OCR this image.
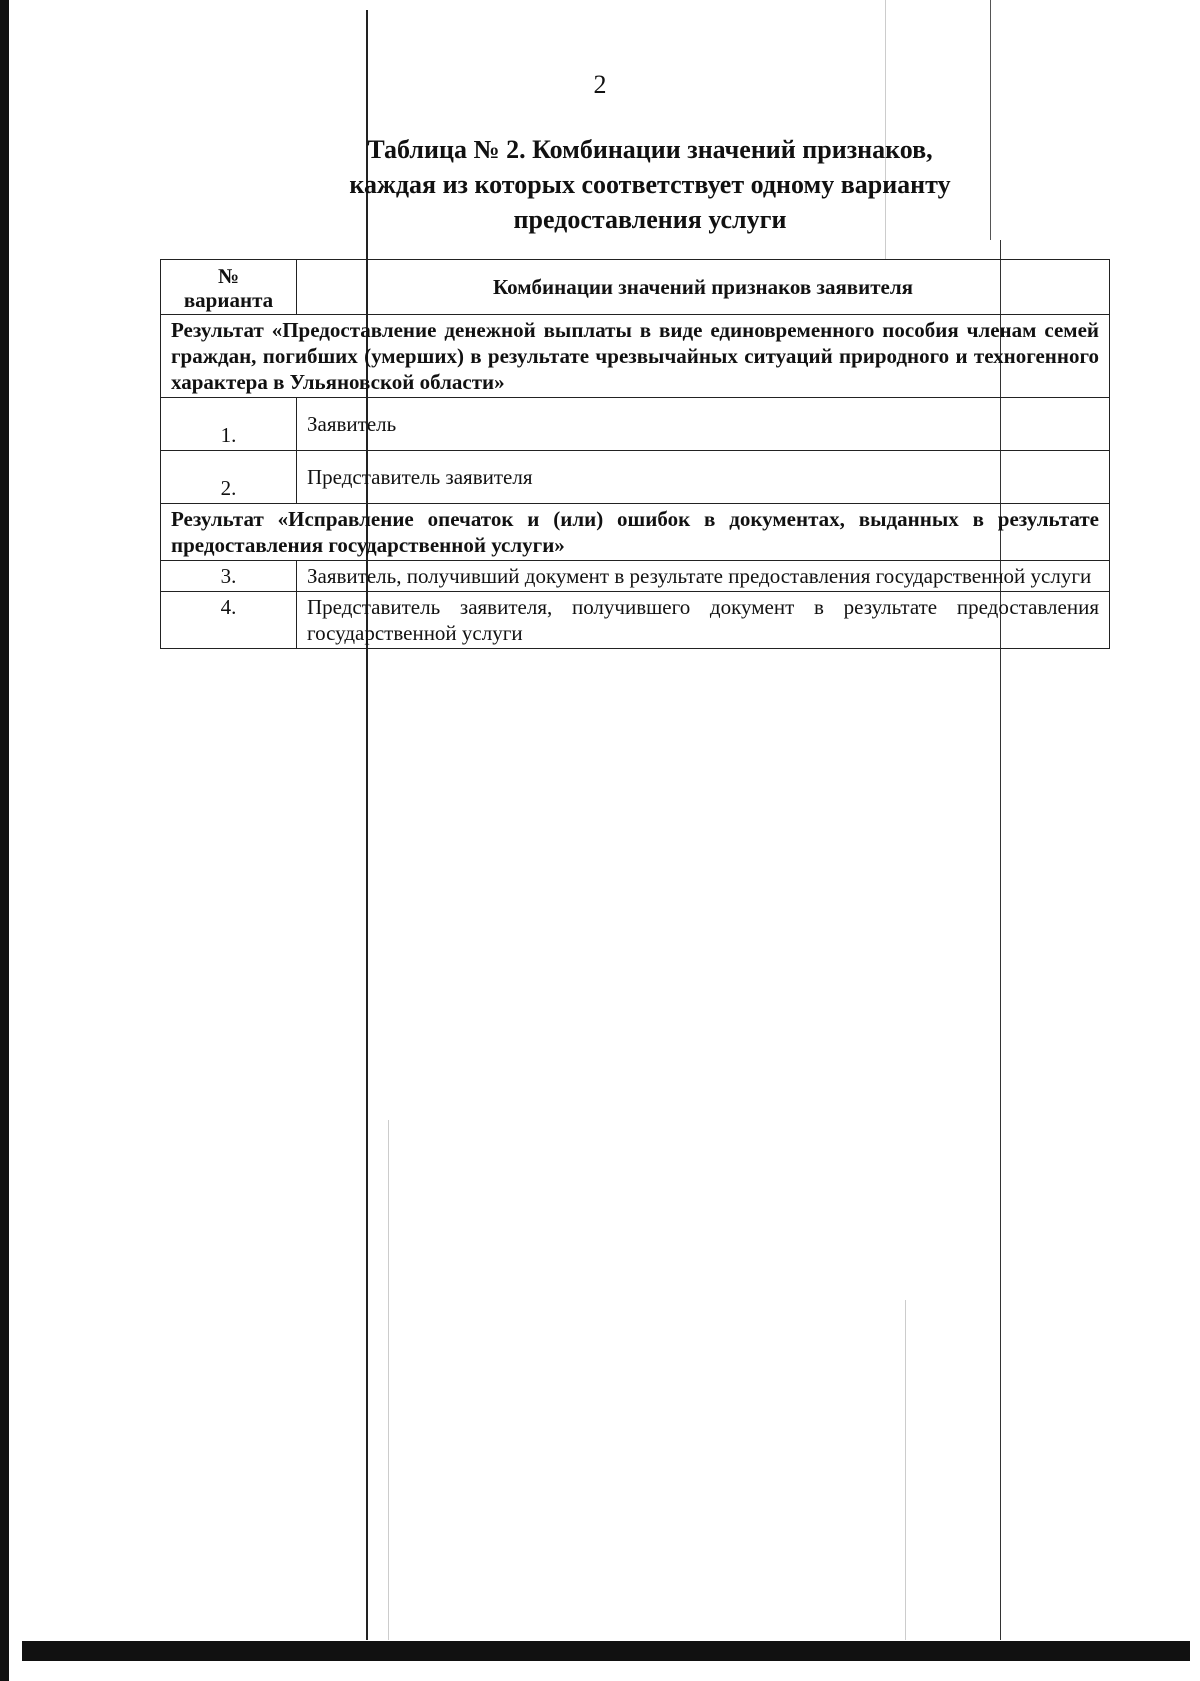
2
Таблица № 2. Комбинации значений признаков,
каждая из которых соответствует одному варианту
предоставления услуги
№
варианта	Комбинации значений признаков заявителя
Результат «Предоставление денежной выплаты в виде единовременного пособия членам семей граждан, погибших (умерших) в результате чрезвычайных ситуаций природного и техногенного характера в Ульяновской области»	
1.	Заявитель
2.	Представитель заявителя
Результат «Исправление опечаток и (или) ошибок в документах, выданных в результате предоставления государственной услуги»	
3.	Заявитель, получивший документ в результате предоставления государственной услуги
4.	Представитель заявителя, получившего документ в результате предоставления государственной услуги
